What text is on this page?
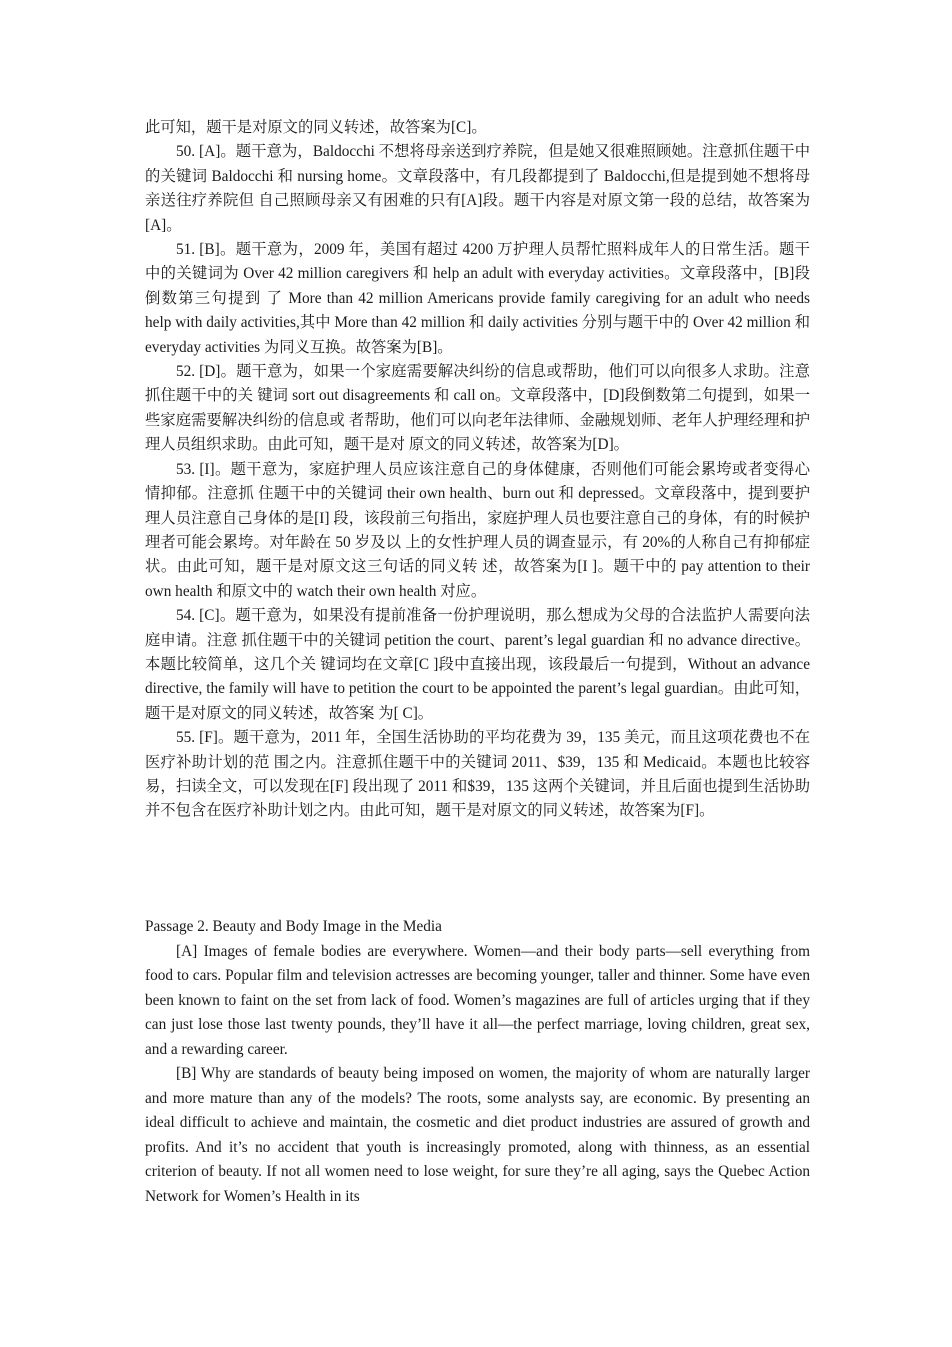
此可知，题干是对原文的同义转述，故答案为[C]。

50. [A]。题干意为，Baldocchi 不想将母亲送到疗养院，但是她又很难照顾她。注意抓住题干中的关键词 Baldocchi 和 nursing home。文章段落中，有几段都提到了 Baldocchi,但是提到她不想将母亲送往疗养院但 自己照顾母亲又有困难的只有[A]段。题干内容是对原文第一段的总结，故答案为[A]。

51. [B]。题干意为，2009 年，美国有超过 4200 万护理人员帮忙照料成年人的日常生活。题干中的关键词为 Over 42 million caregivers 和 help an adult with everyday activities。文章段落中，[B]段倒数第三句提到 了 More than 42 million Americans provide family caregiving for an adult who needs help with daily activities,其中 More than 42 million 和 daily activities 分别与题干中的 Over 42 million 和 everyday activities 为同义互换。故答案为[B]。

52. [D]。题干意为，如果一个家庭需要解决纠纷的信息或帮助，他们可以向很多人求助。注意抓住题干中的关 键词 sort out disagreements 和 call on。文章段落中，[D]段倒数第二句提到，如果一些家庭需要解决纠纷的信息或 者帮助，他们可以向老年法律师、金融规划师、老年人护理经理和护理人员组织求助。由此可知，题干是对 原文的同义转述，故答案为[D]。

53. [I]。题干意为，家庭护理人员应该注意自己的身体健康，否则他们可能会累垮或者变得心情抑郁。注意抓 住题干中的关键词 their own health、burn out 和 depressed。文章段落中，提到要护理人员注意自己身体的是[I] 段，该段前三句指出，家庭护理人员也要注意自己的身体，有的时候护理者可能会累垮。对年龄在 50 岁及以 上的女性护理人员的调查显示，有 20%的人称自己有抑郁症状。由此可知，题干是对原文这三句话的同义转 述，故答案为[I ]。题干中的 pay attention to their own health 和原文中的 watch their own health 对应。

54. [C]。题干意为，如果没有提前准备一份护理说明，那么想成为父母的合法监护人需要向法庭申请。注意 抓住题干中的关键词 petition the court、parent’s legal guardian 和 no advance directive。本题比较简单，这几个关 键词均在文章[C ]段中直接出现，该段最后一句提到，Without an advance directive, the family will have to petition the court to be appointed the parent’s legal guardian。由此可知，题干是对原文的同义转述，故答案 为[ C]。

55. [F]。题干意为，2011 年，全国生活协助的平均花费为 39，135 美元，而且这项花费也不在医疗补助计划的范 围之内。注意抓住题干中的关键词 2011、$39，135 和 Medicaid。本题也比较容易，扫读全文，可以发现在[F] 段出现了 2011 和$39，135 这两个关键词，并且后面也提到生活协助并不包含在医疗补助计划之内。由此可知，题干是对原文的同义转述，故答案为[F]。

Passage 2. Beauty and Body Image in the Media

[A] Images of female bodies are everywhere. Women—and their body parts—sell everything from food to cars. Popular film and television actresses are becoming younger, taller and thinner. Some have even been known to faint on the set from lack of food. Women’s magazines are full of articles urging that if they can just lose those last twenty pounds, they’ll have it all—the perfect marriage, loving children, great sex, and a rewarding career.

[B] Why are standards of beauty being imposed on women, the majority of whom are naturally larger and more mature than any of the models? The roots, some analysts say, are economic. By presenting an ideal difficult to achieve and maintain, the cosmetic and diet product industries are assured of growth and profits. And it’s no accident that youth is increasingly promoted, along with thinness, as an essential criterion of beauty. If not all women need to lose weight, for sure they’re all aging, says the Quebec Action Network for Women’s Health in its
